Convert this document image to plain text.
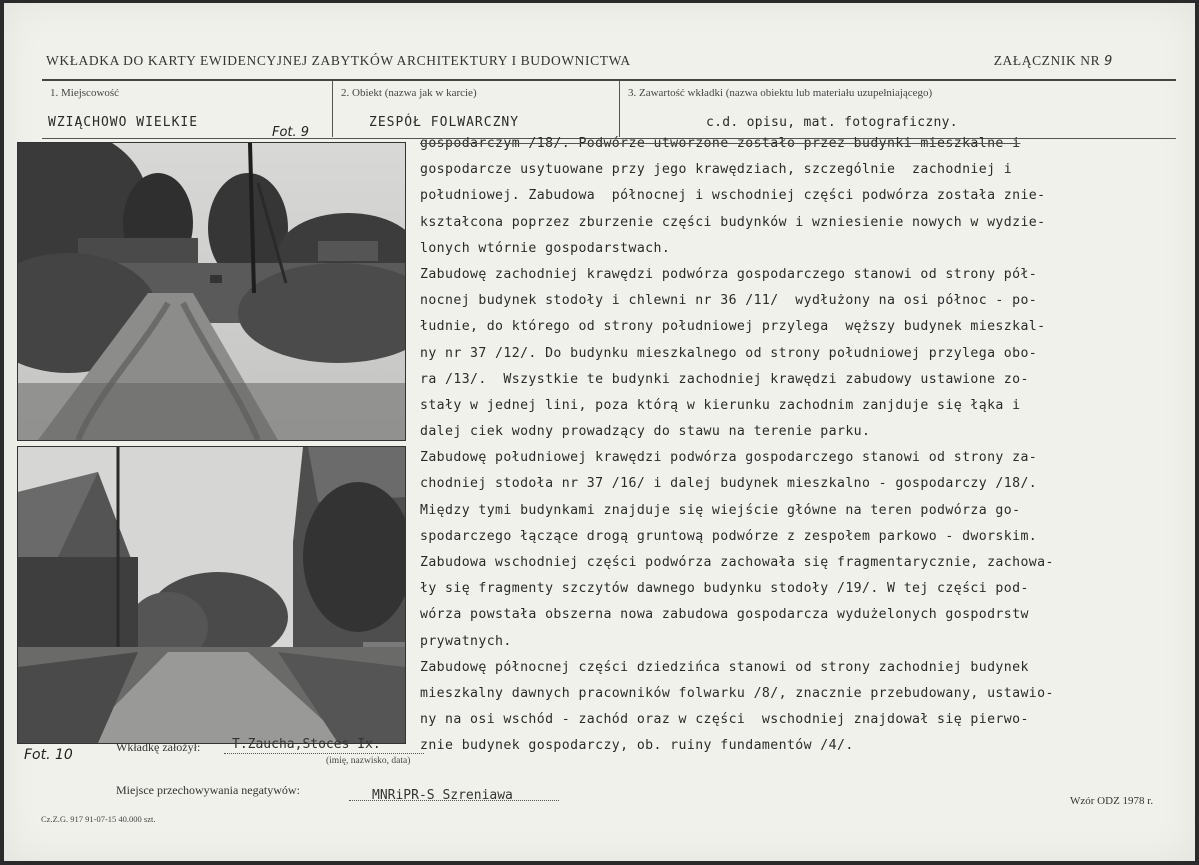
WKŁADKA DO KARTY EWIDENCYJNEJ ZABYTKÓW ARCHITEKTURY I BUDOWNICTWA	ZAŁĄCZNIK NR 9
1. Miejscowość
WZIĄCHOWO WIELKIE
2. Obiekt (nazwa jak w karcie)
ZESPÓŁ FOLWARCZNY
3. Zawartość wkładki (nazwa obiektu lub materiału uzupełniającego)
c.d. opisu, mat. fotograficzny.
Fot. 9
Fot. 10
gospodarczym /18/. Podwórze utworzone zostało przez budynki mieszkalne i
gospodarcze usytuowane przy jego krawędziach, szczególnie  zachodniej i
południowej. Zabudowa  północnej i wschodniej części podwórza została znie-
kształcona poprzez zburzenie części budynków i wzniesienie nowych w wydzie-
lonych wtórnie gospodarstwach.
Zabudowę zachodniej krawędzi podwórza gospodarczego stanowi od strony pół-
nocnej budynek stodoły i chlewni nr 36 /11/  wydłużony na osi północ - po-
łudnie, do którego od strony południowej przylega  węższy budynek mieszkal-
ny nr 37 /12/. Do budynku mieszkalnego od strony południowej przylega obo-
ra /13/.  Wszystkie te budynki zachodniej krawędzi zabudowy ustawione zo-
stały w jednej lini, poza którą w kierunku zachodnim zanjduje się łąka i
dalej ciek wodny prowadzący do stawu na terenie parku.
Zabudowę południowej krawędzi podwórza gospodarczego stanowi od strony za-
chodniej stodoła nr 37 /16/ i dalej budynek mieszkalno - gospodarczy /18/.
Między tymi budynkami znajduje się wiejście główne na teren podwórza go-
spodarczego łączące drogą gruntową podwórze z zespołem parkowo - dworskim.
Zabudowa wschodniej części podwórza zachowała się fragmentarycznie, zachowa-
ły się fragmenty szczytów dawnego budynku stodoły /19/. W tej części pod-
wórza powstała obszerna nowa zabudowa gospodarcza wydużelonych gospodrstw
prywatnych.
Zabudowę północnej części dziedzińca stanowi od strony zachodniej budynek
mieszkalny dawnych pracowników folwarku /8/, znacznie przebudowany, ustawio-
ny na osi wschód - zachód oraz w części  wschodniej znajdował się pierwo-
znie budynek gospodarczy, ob. ruiny fundamentów /4/.
Wkładkę założył: T.Zaucha,Stoces Ix.
(imię, nazwisko, data)
Miejsce przechowywania negatywów:	MNRiPR-S Szreniawa
Cz.Z.G. 917 91-07-15 40.000 szt.
Wzór ODZ 1978 r.
